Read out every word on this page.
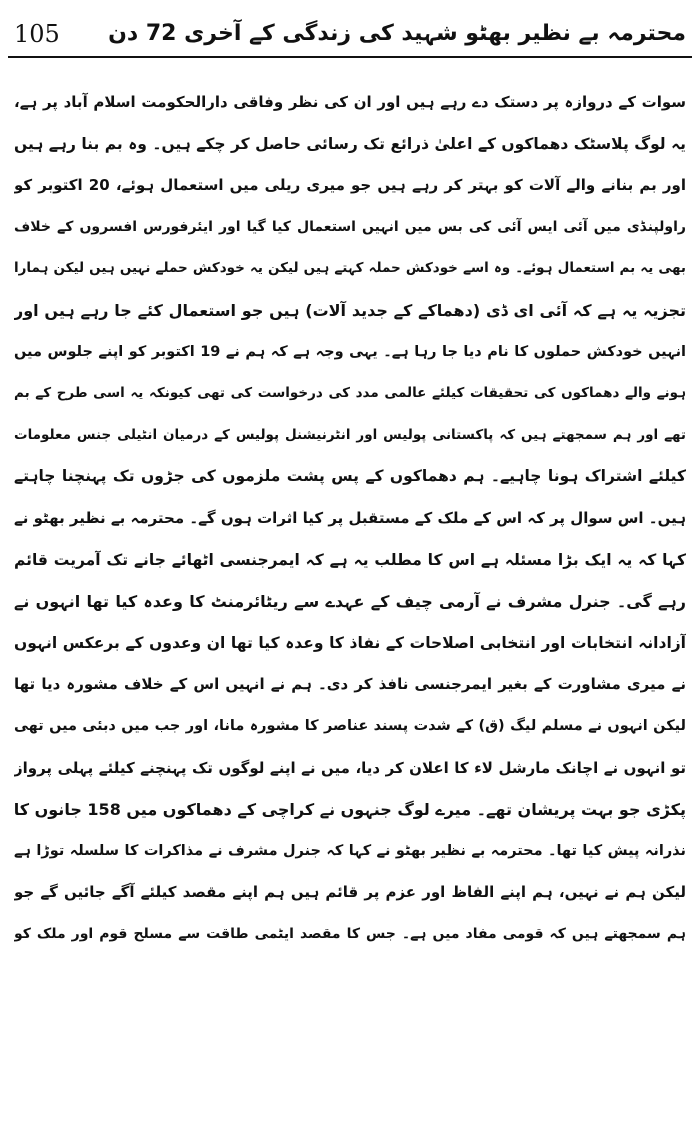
محترمہ بے نظیر بھٹو شہید کی زندگی کے آخری 72 دن
105
سوات کے دروازہ پر دستک دے رہے ہیں اور ان کی نظر وفاقی دارالحکومت اسلام آباد پر ہے،
یہ لوگ پلاسٹک دھماکوں کے اعلیٰ ذرائع تک رسائی حاصل کر چکے ہیں۔ وہ بم بنا رہے ہیں
اور بم بنانے والے آلات کو بہتر کر رہے ہیں جو میری ریلی میں استعمال ہوئے، 20 اکتوبر کو
راولپنڈی میں آئی ایس آئی کی بس میں انہیں استعمال کیا گیا اور ایئرفورس افسروں کے خلاف
بھی یہ بم استعمال ہوئے۔ وہ اسے خودکش حملہ کہتے ہیں لیکن یہ خودکش حملے نہیں ہیں لیکن ہمارا
تجزیہ یہ ہے کہ آئی ای ڈی (دھماکے کے جدید آلات) ہیں جو استعمال کئے جا رہے ہیں اور
انہیں خودکش حملوں کا نام دیا جا رہا ہے۔ یہی وجہ ہے کہ ہم نے 19 اکتوبر کو اپنے جلوس میں
ہونے والے دھماکوں کی تحقیقات کیلئے عالمی مدد کی درخواست کی تھی کیونکہ یہ اسی طرح کے بم
تھے اور ہم سمجھتے ہیں کہ پاکستانی پولیس اور انٹرنیشنل پولیس کے درمیان انٹیلی جنس معلومات
کیلئے اشتراک ہونا چاہیے۔ ہم دھماکوں کے پس پشت ملزموں کی جڑوں تک پہنچنا چاہتے
ہیں۔ اس سوال پر کہ اس کے ملک کے مستقبل پر کیا اثرات ہوں گے۔ محترمہ بے نظیر بھٹو نے
کہا کہ یہ ایک بڑا مسئلہ ہے اس کا مطلب یہ ہے کہ ایمرجنسی اٹھائے جانے تک آمریت قائم
رہے گی۔ جنرل مشرف نے آرمی چیف کے عہدے سے ریٹائرمنٹ کا وعدہ کیا تھا انہوں نے
آزادانہ انتخابات اور انتخابی اصلاحات کے نفاذ کا وعدہ کیا تھا ان وعدوں کے برعکس انہوں
نے میری مشاورت کے بغیر ایمرجنسی نافذ کر دی۔ ہم نے انہیں اس کے خلاف مشورہ دیا تھا
لیکن انہوں نے مسلم لیگ (ق) کے شدت پسند عناصر کا مشورہ مانا، اور جب میں دبئی میں تھی
تو انہوں نے اچانک مارشل لاء کا اعلان کر دیا، میں نے اپنے لوگوں تک پہنچنے کیلئے پہلی پرواز
پکڑی جو بہت پریشان تھے۔ میرے لوگ جنہوں نے کراچی کے دھماکوں میں 158 جانوں کا
نذرانہ پیش کیا تھا۔ محترمہ بے نظیر بھٹو نے کہا کہ جنرل مشرف نے مذاکرات کا سلسلہ توڑا ہے
لیکن ہم نے نہیں، ہم اپنے الفاظ اور عزم پر قائم ہیں ہم اپنے مقصد کیلئے آگے جائیں گے جو
ہم سمجھتے ہیں کہ قومی مفاد میں ہے۔ جس کا مقصد ایٹمی طاقت سے مسلح قوم اور ملک کو
